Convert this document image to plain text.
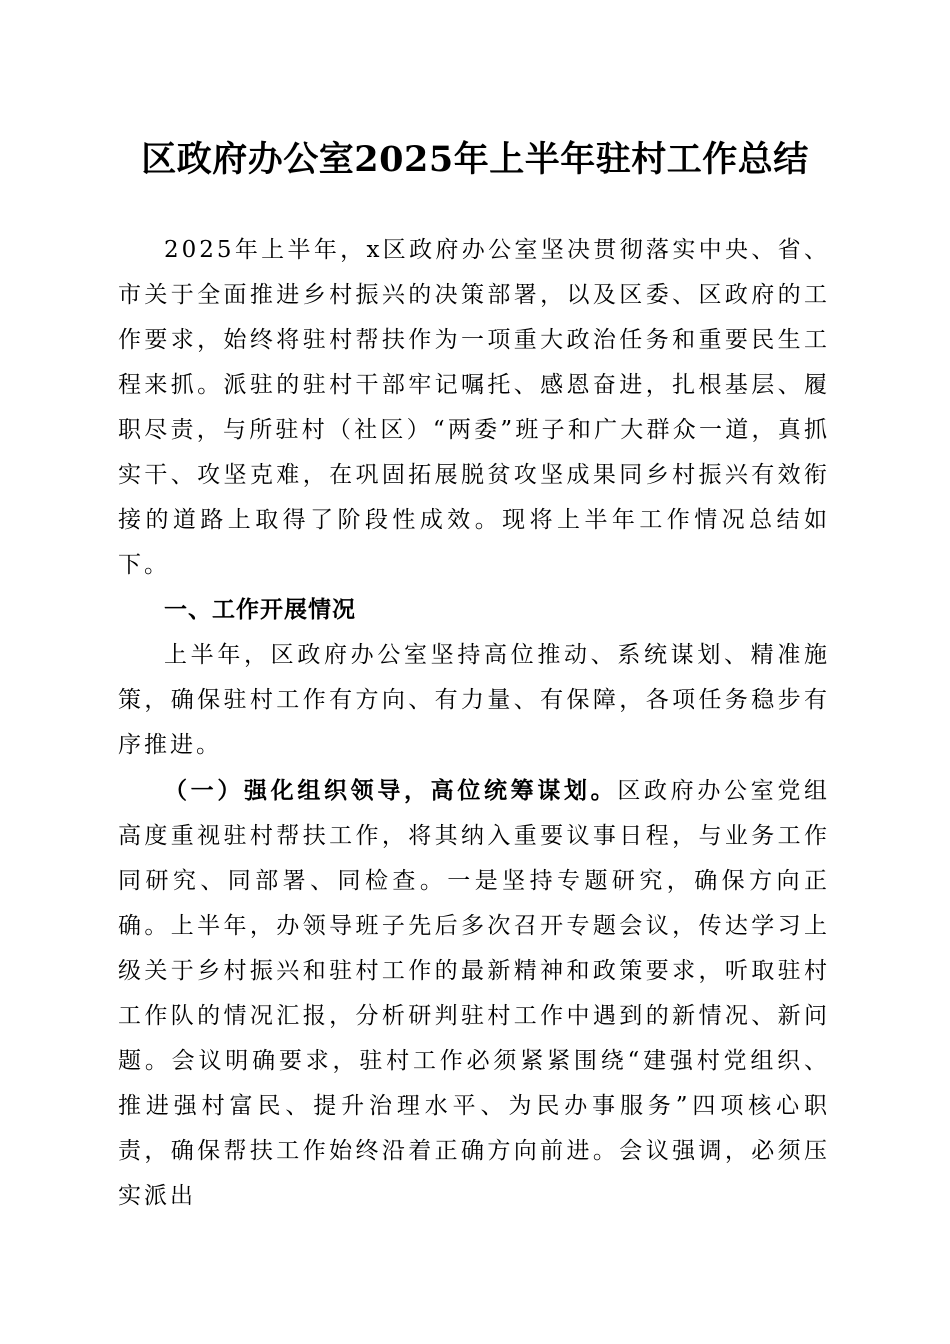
区政府办公室2025年上半年驻村工作总结

2025年上半年，x区政府办公室坚决贯彻落实中央、省、市关于全面推进乡村振兴的决策部署，以及区委、区政府的工作要求，始终将驻村帮扶作为一项重大政治任务和重要民生工程来抓。派驻的驻村干部牢记嘱托、感恩奋进，扎根基层、履职尽责，与所驻村（社区）“两委”班子和广大群众一道，真抓实干、攻坚克难，在巩固拓展脱贫攻坚成果同乡村振兴有效衔接的道路上取得了阶段性成效。现将上半年工作情况总结如下。

一、工作开展情况

上半年，区政府办公室坚持高位推动、系统谋划、精准施策，确保驻村工作有方向、有力量、有保障，各项任务稳步有序推进。

（一）强化组织领导，高位统筹谋划。区政府办公室党组高度重视驻村帮扶工作，将其纳入重要议事日程，与业务工作同研究、同部署、同检查。一是坚持专题研究，确保方向正确。上半年，办领导班子先后多次召开专题会议，传达学习上级关于乡村振兴和驻村工作的最新精神和政策要求，听取驻村工作队的情况汇报，分析研判驻村工作中遇到的新情况、新问题。会议明确要求，驻村工作必须紧紧围绕“建强村党组织、推进强村富民、提升治理水平、为民办事服务”四项核心职责，确保帮扶工作始终沿着正确方向前进。会议强调，必须压实派出
